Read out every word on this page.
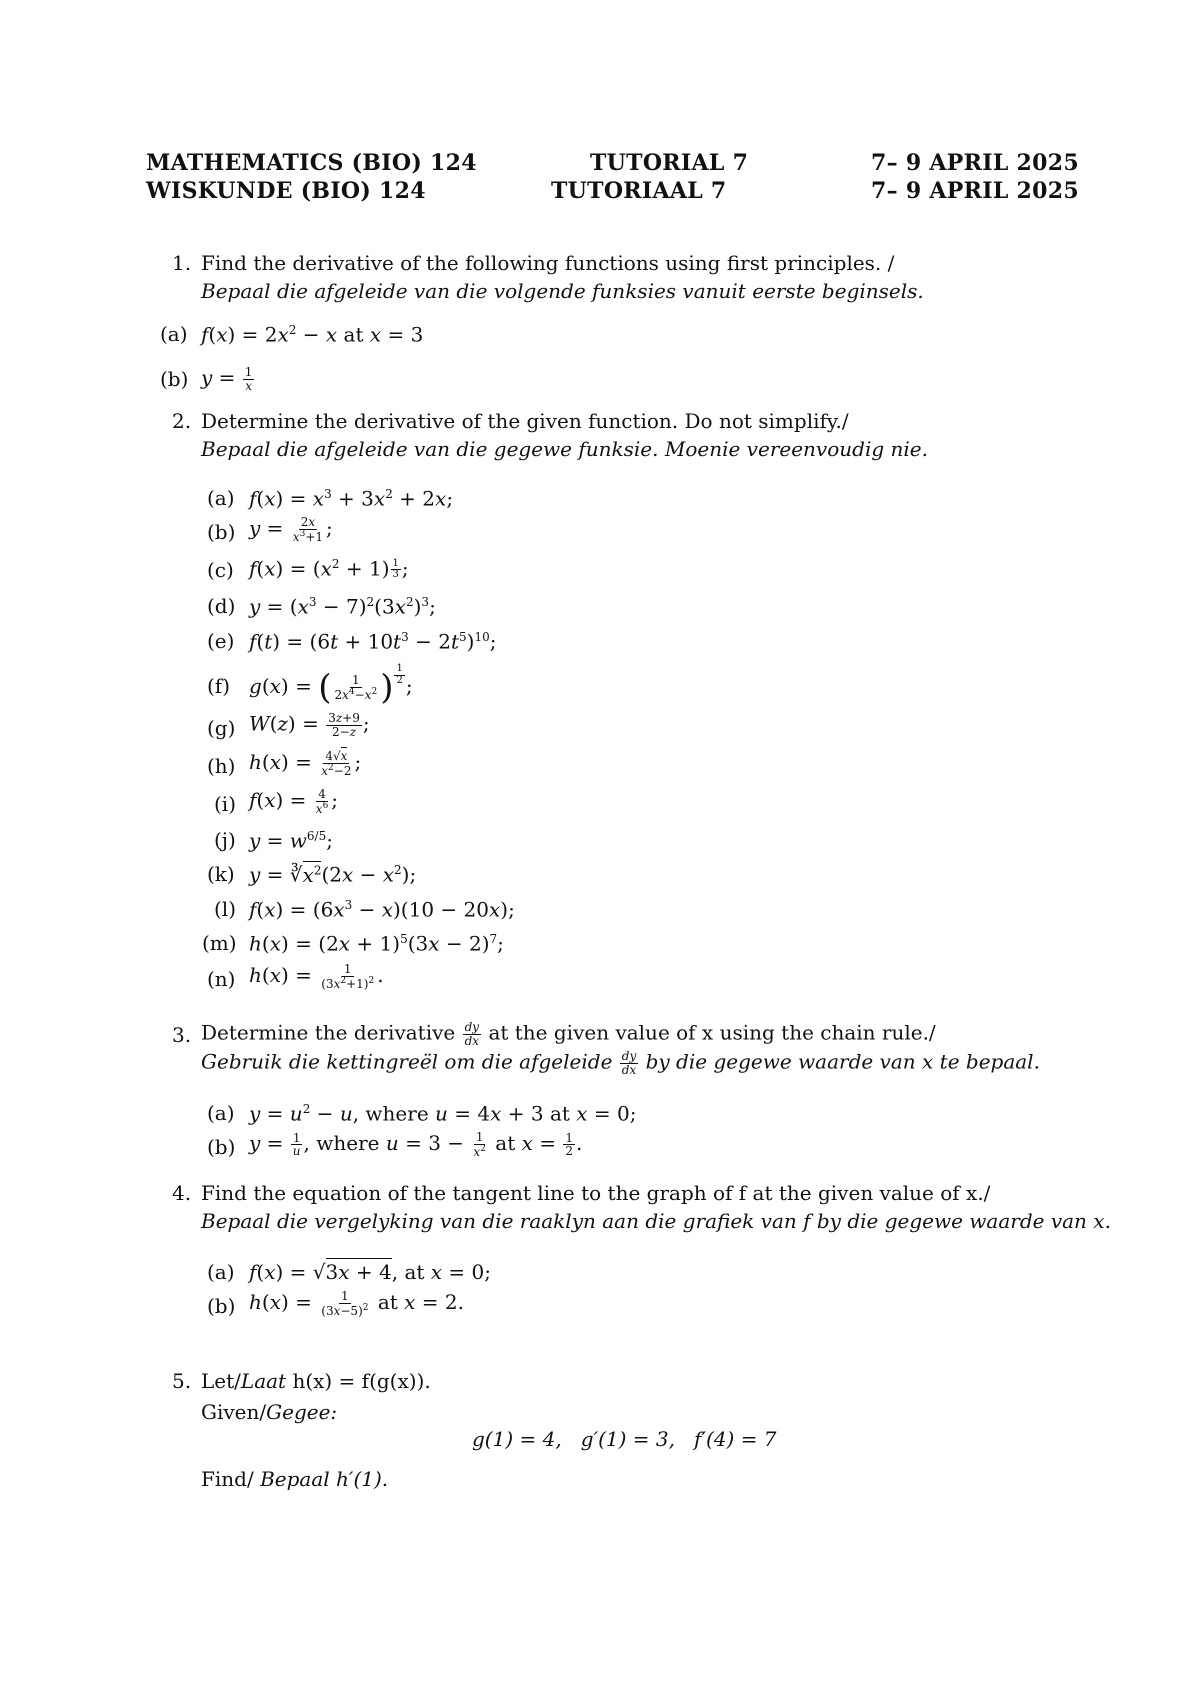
MATHEMATICS (BIO) 124	TUTORIAL 7	7– 9 APRIL 2025
WISKUNDE (BIO) 124	TUTORIAAL 7	7– 9 APRIL 2025
1. Find the derivative of the following functions using first principles. /
Bepaal die afgeleide van die volgende funksies vanuit eerste beginsels.
(a) $f(x) = 2x^2 - x$ at x = 3
(b) $y = \frac{1}{x}$
2. Determine the derivative of the given function. Do not simplify./
Bepaal die afgeleide van die gegewe funksie. Moenie vereenvoudig nie.
(a) $f(x) = x^3 + 3x^2 + 2x$;
(b) $y = \frac{2x}{x^3+1}$ ;
(c) $f(x) = (x^2 + 1) \frac{1}{3}$ ;
(d) $y = (x^3 - 7)^2(3x^2)^3$;
(e) $f(t) = (6t + 10t^3 - 2t^5)^{10}$;
(f) g(x) = ( $\frac{1}{2x^4-x^2}$ ) $\frac{1}{2}$ ;
(g) $W(z) = \frac{3z+9}{2-z}$ ;
(h) $h(x) = \frac{4√x}{x^2-2}$ ;
(i) $f(x) = \frac{4}{x^6}$ ;
(j) $y = w^{6/5}$;
(k) $y = ∛x^2(2x - x^2)$;
(l) $f(x) = (6x^3 - x)(10 - 20x)$;
(m) $h(x) = (2x + 1)^5(3x - 2)^7$;
(n) $h(x) = \frac{1}{(3x^2+1)^2}$ .
3. Determine the derivative $\frac{dy}{dx}$ at the given value of x using the chain rule./
Gebruik die kettingreël om die afgeleide $\frac{dy}{dx}$ by die gegewe waarde van x te bepaal.
(a) $y = u^2 - u$, where u = 4x + 3 at x = 0;
(b) $y = \frac{1}{u}$ , where $u = 3 - \frac{1}{x^2}$ at $x = \frac{1}{2}$ .
4. Find the equation of the tangent line to the graph of f at the given value of x./
Bepaal die vergelyking van die raaklyn aan die grafiek van f by die gegewe waarde van x.
(a) f(x) = √3x + 4, at x = 0;
(b) $h(x) = \frac{1}{(3x-5)^2}$ at x = 2.
5. Let/Laat h(x) = f(g(x)).
Given/Gegee:
g(1) = 4,   g′(1) = 3,   f′(4) = 7
Find/ Bepaal h′(1).
